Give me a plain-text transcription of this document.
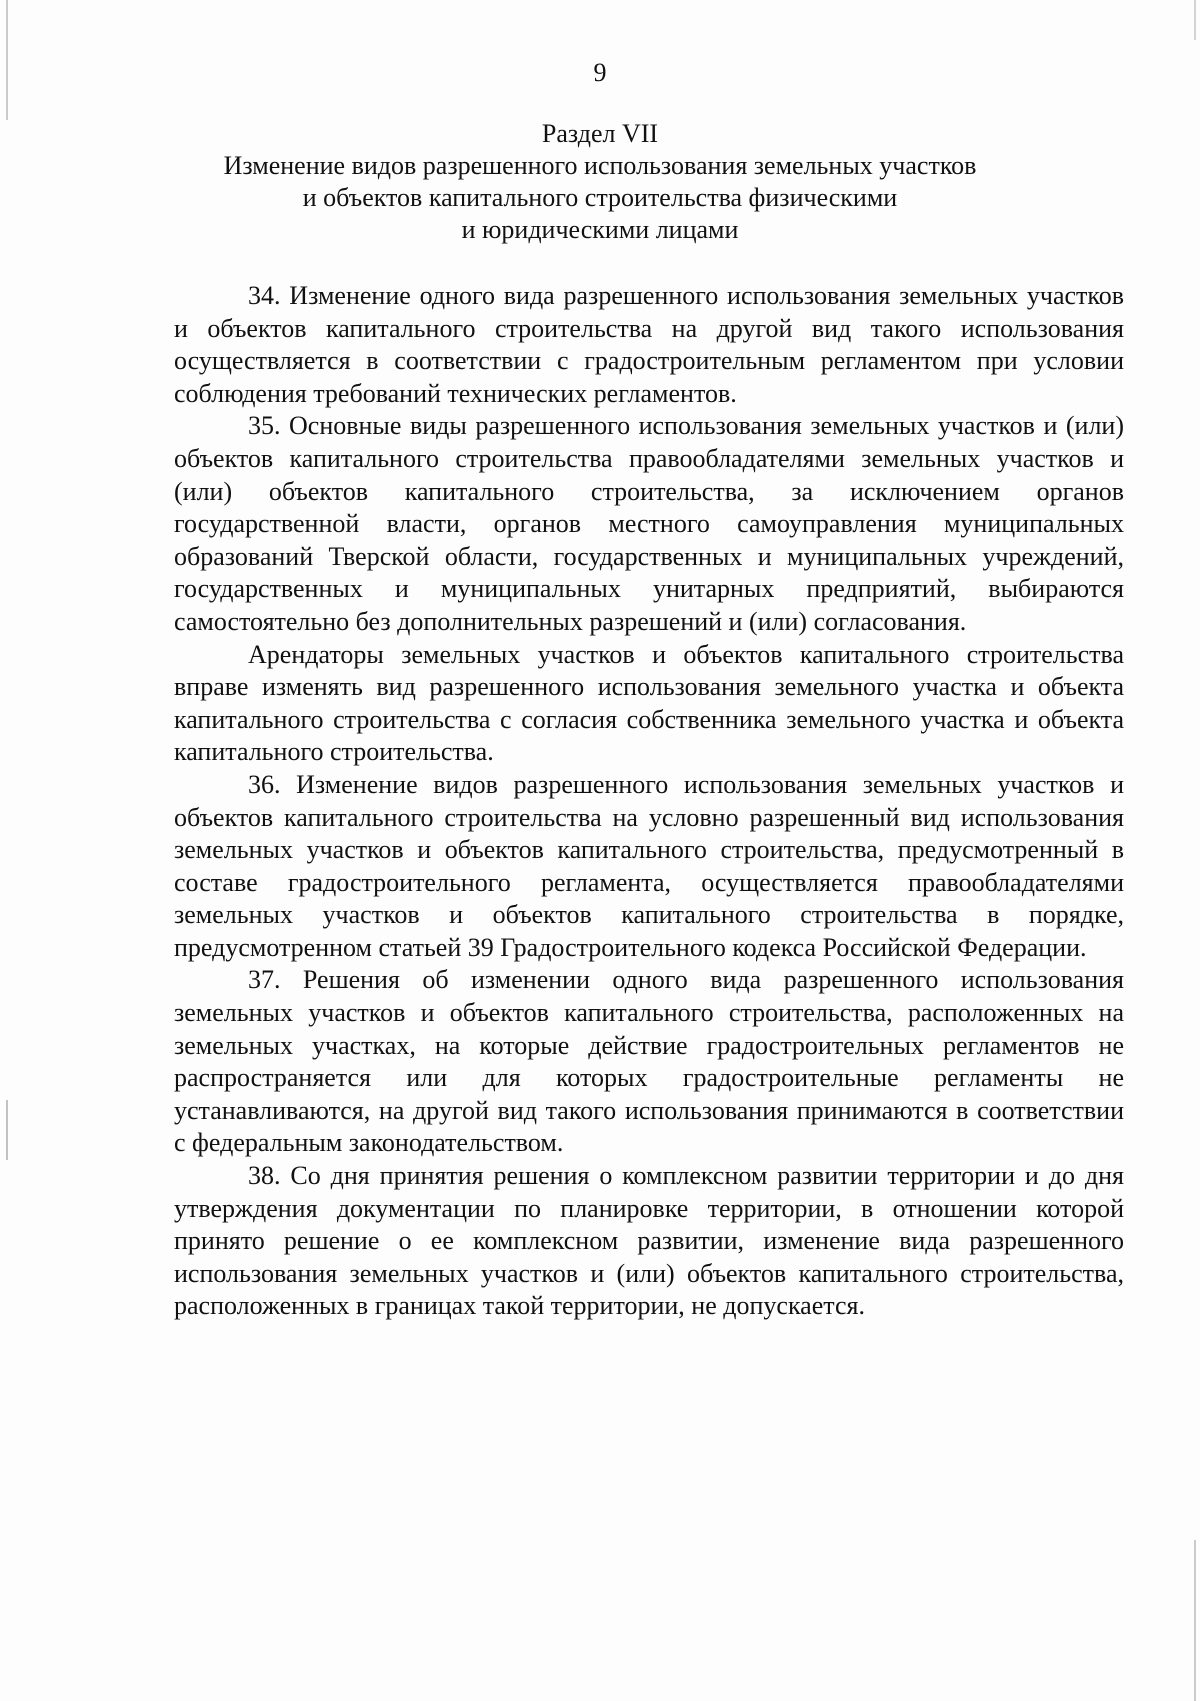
9
Раздел VII
Изменение видов разрешенного использования земельных участков
и объектов капитального строительства физическими
и юридическими лицами

34. Изменение одного вида разрешенного использования земельных участков и объектов капитального строительства на другой вид такого использования осуществляется в соответствии с градостроительным регламентом при условии соблюдения требований технических регламентов.

35. Основные виды разрешенного использования земельных участков и (или) объектов капитального строительства правообладателями земельных участков и (или) объектов капитального строительства, за исключением органов государственной власти, органов местного самоуправления муниципальных образований Тверской области, государственных и муниципальных учреждений, государственных и муниципальных унитарных предприятий, выбираются самостоятельно без дополнительных разрешений и (или) согласования.

Арендаторы земельных участков и объектов капитального строительства вправе изменять вид разрешенного использования земельного участка и объекта капитального строительства с согласия собственника земельного участка и объекта капитального строительства.

36. Изменение видов разрешенного использования земельных участков и объектов капитального строительства на условно разрешенный вид использования земельных участков и объектов капитального строительства, предусмотренный в составе градостроительного регламента, осуществляется правообладателями земельных участков и объектов капитального строительства в порядке, предусмотренном статьей 39 Градостроительного кодекса Российской Федерации.

37. Решения об изменении одного вида разрешенного использования земельных участков и объектов капитального строительства, расположенных на земельных участках, на которые действие градостроительных регламентов не распространяется или для которых градостроительные регламенты не устанавливаются, на другой вид такого использования принимаются в соответствии с федеральным законодательством.

38. Со дня принятия решения о комплексном развитии территории и до дня утверждения документации по планировке территории, в отношении которой принято решение о ее комплексном развитии, изменение вида разрешенного использования земельных участков и (или) объектов капитального строительства, расположенных в границах такой территории, не допускается.
